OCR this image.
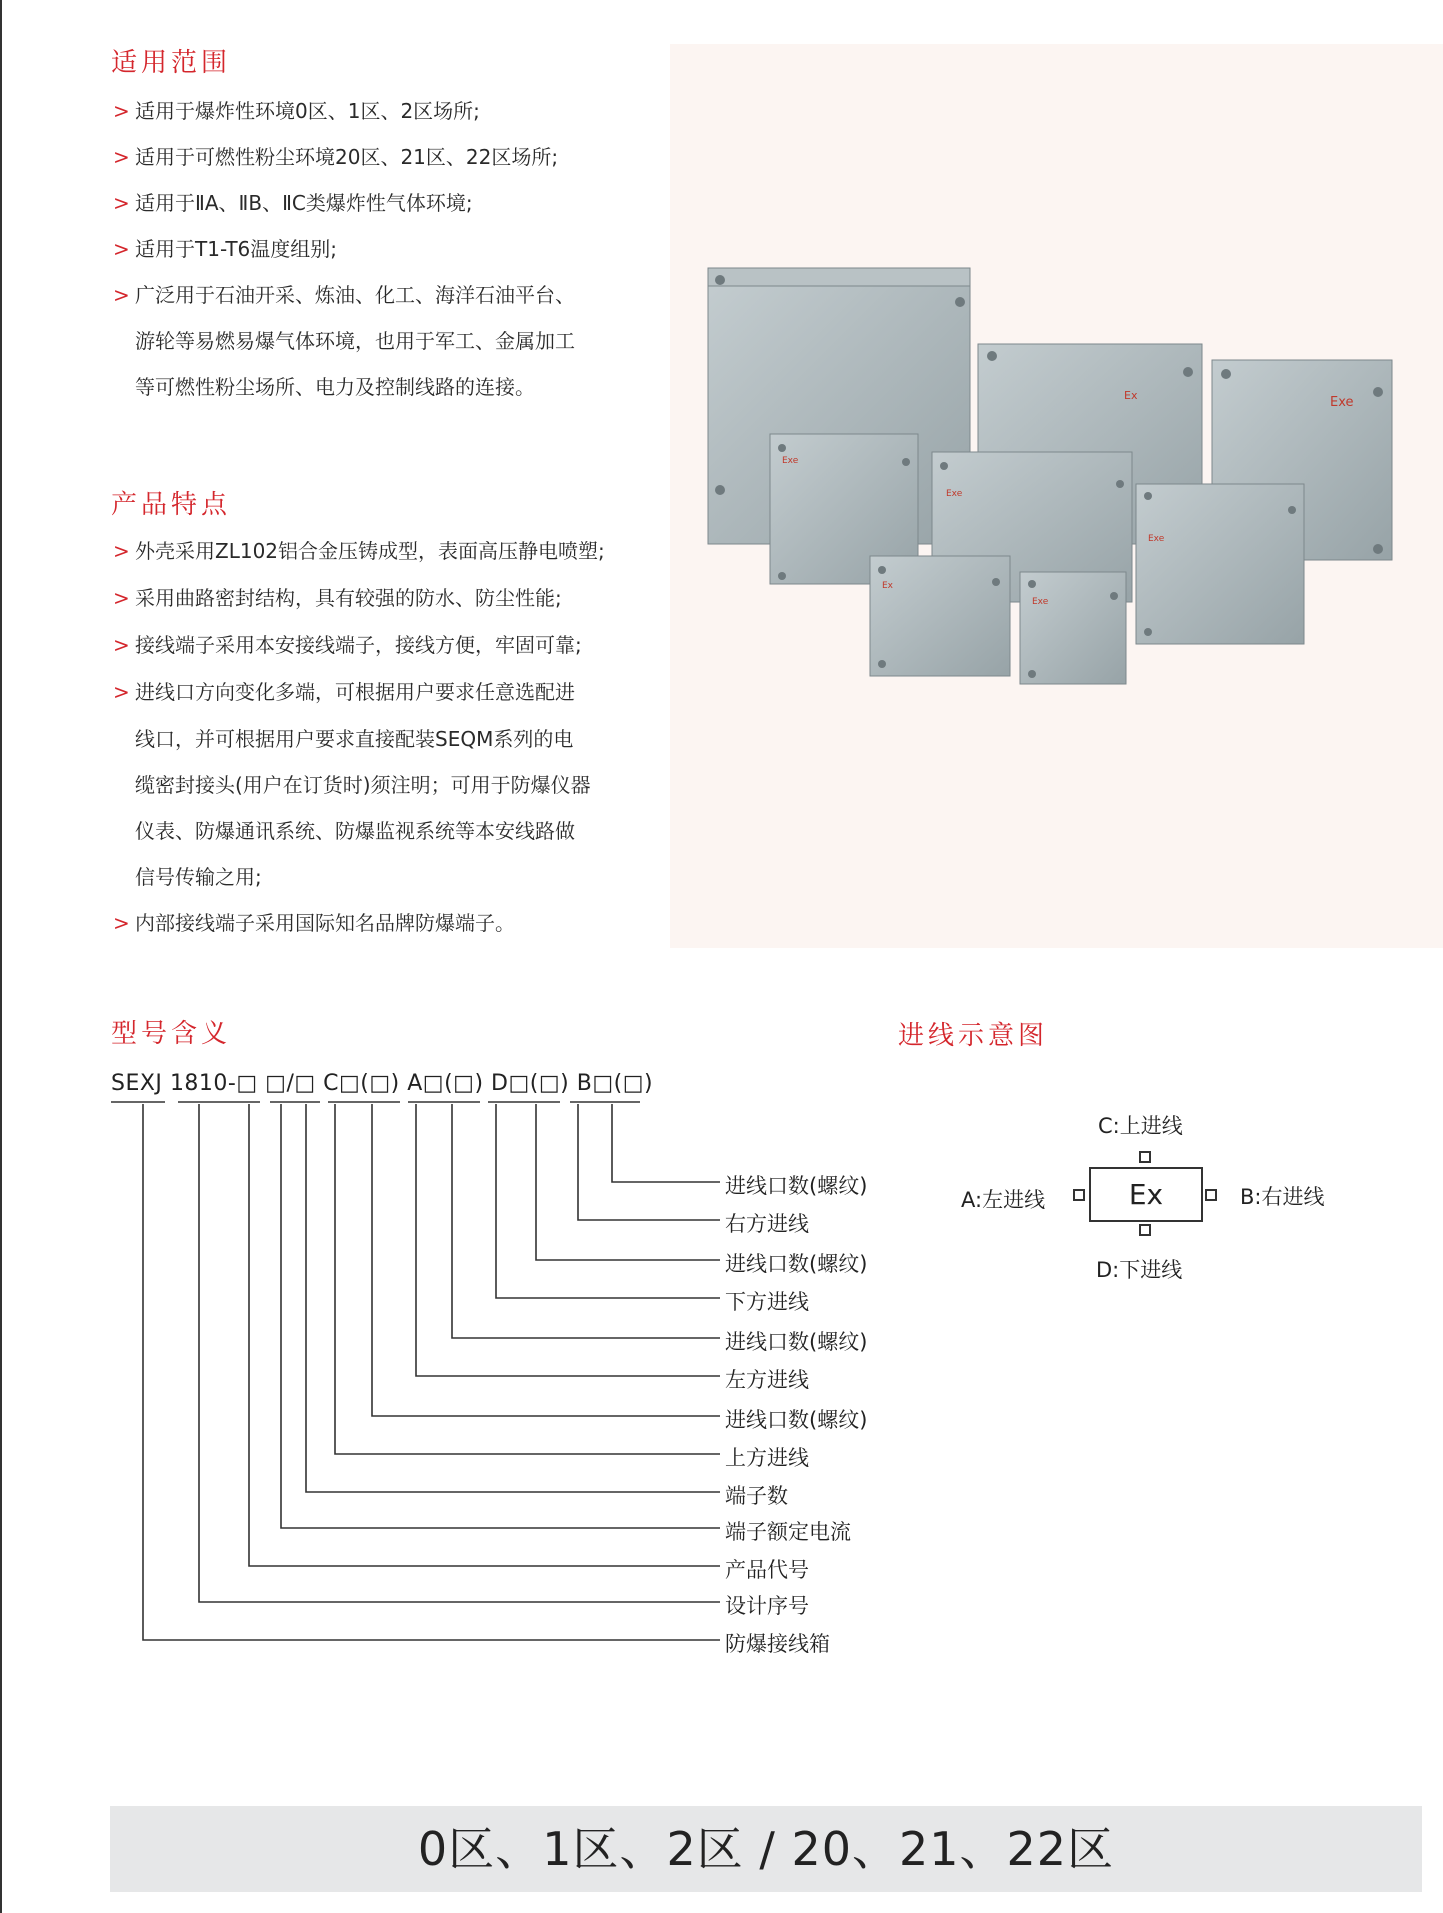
适用范围
> 适用于爆炸性环境0区、1区、2区场所;
> 适用于可燃性粉尘环境20区、21区、22区场所;
> 适用于ⅡA、ⅡB、ⅡC类爆炸性气体环境;
> 适用于T1-T6温度组别;
> 广泛用于石油开采、炼油、化工、海洋石油平台、
游轮等易燃易爆气体环境，也用于军工、金属加工
等可燃性粉尘场所、电力及控制线路的连接。
产品特点
> 外壳采用ZL102铝合金压铸成型，表面高压静电喷塑;
> 采用曲路密封结构，具有较强的防水、防尘性能;
> 接线端子采用本安接线端子，接线方便，牢固可靠;
> 进线口方向变化多端，可根据用户要求任意选配进
线口，并可根据用户要求直接配装SEQM系列的电
缆密封接头(用户在订货时)须注明；可用于防爆仪器
仪表、防爆通讯系统、防爆监视系统等本安线路做
信号传输之用;
> 内部接线端子采用国际知名品牌防爆端子。
Ex	Exe
Exe
Exe
Exe
Ex
Exe
型号含义
SEXJ 1810-□ □/□ C□(□) A□(□) D□(□) B□(□)
进线口数(螺纹)
右方进线
进线口数(螺纹)
下方进线
进线口数(螺纹)
左方进线
进线口数(螺纹)
上方进线
端子数
端子额定电流
产品代号
设计序号
防爆接线箱
进线示意图
C:上进线
A:左进线	B:右进线
D:下进线
Ex
0区、1区、2区 / 20、21、22区
